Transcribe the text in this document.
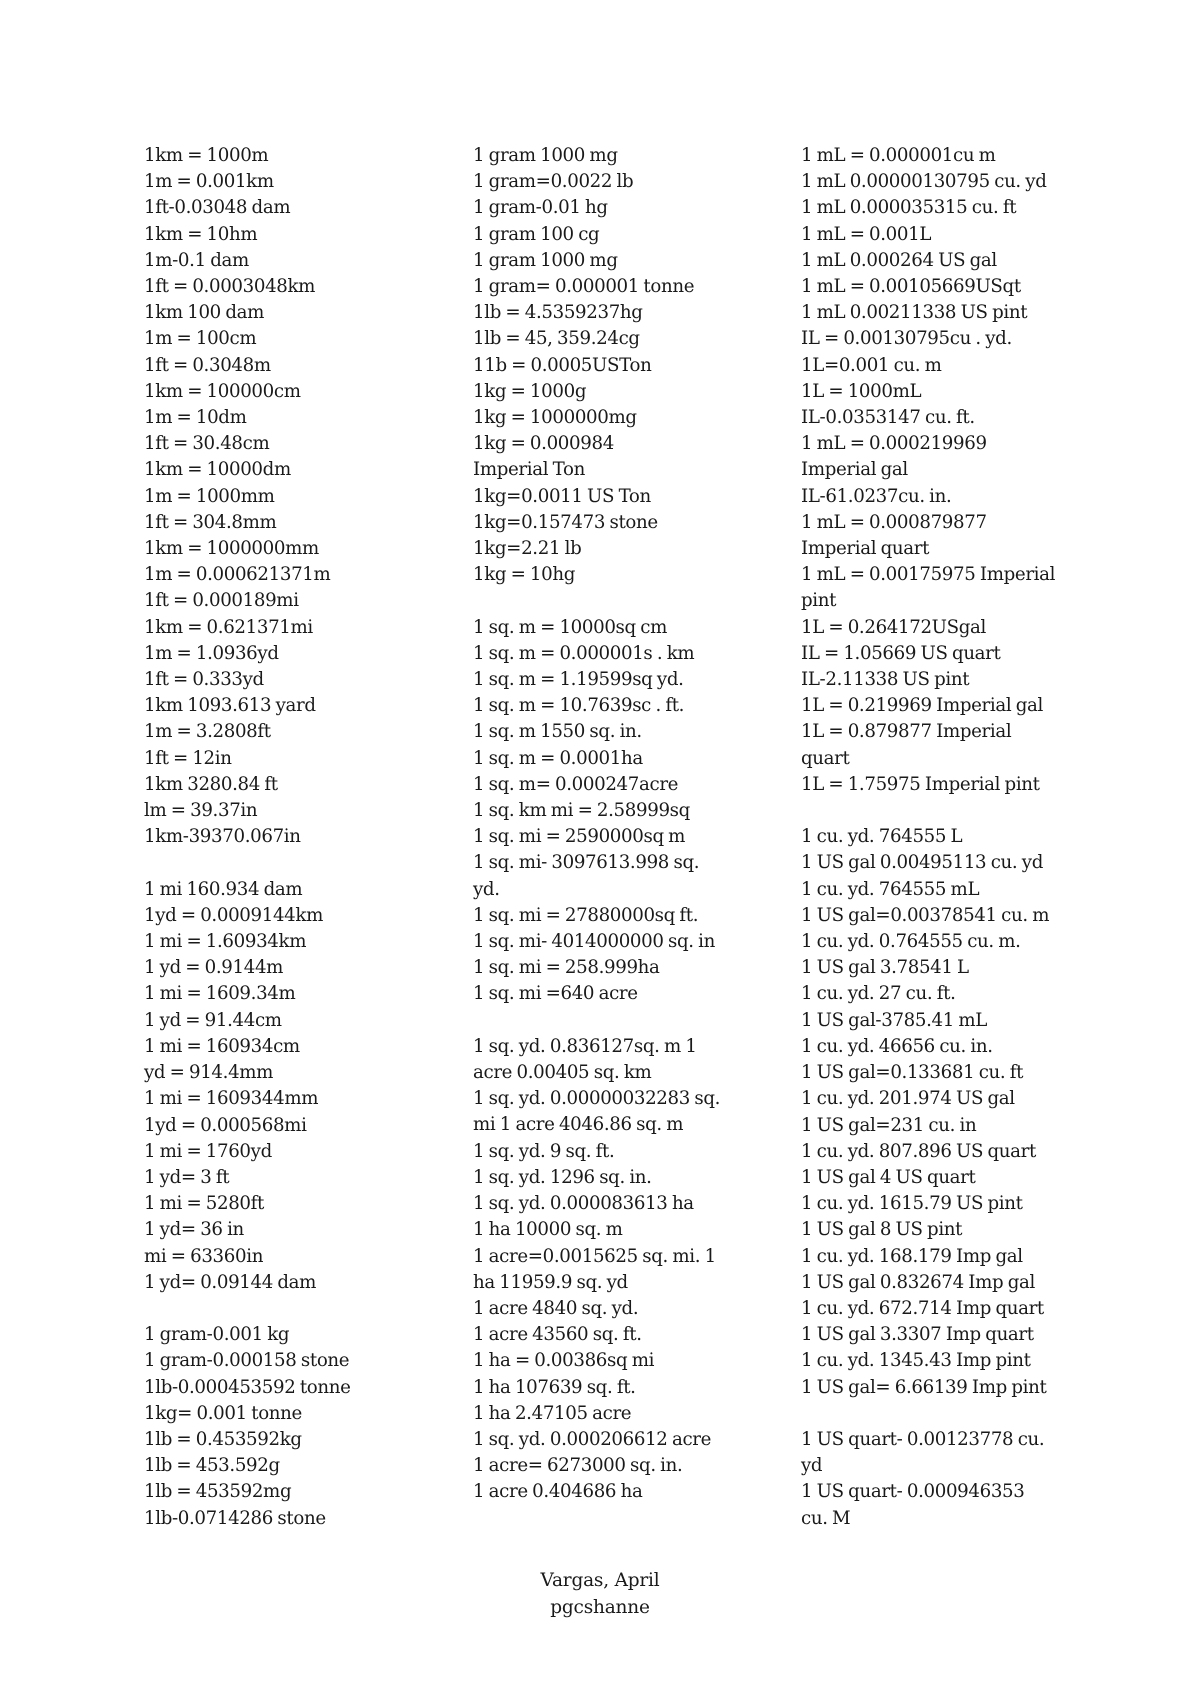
1km = 1000m
1m = 0.001km
1ft-0.03048 dam
1km = 10hm
1m-0.1 dam
1ft = 0.0003048km
1km 100 dam
1m = 100cm
1ft = 0.3048m
1km = 100000cm
1m = 10dm
1ft = 30.48cm
1km = 10000dm
1m = 1000mm
1ft = 304.8mm
1km = 1000000mm
1m = 0.000621371m
1ft = 0.000189mi
1km = 0.621371mi
1m = 1.0936yd
1ft = 0.333yd
1km 1093.613 yard
1m = 3.2808ft
1ft = 12in
1km 3280.84 ft
lm = 39.37in
1km-39370.067in
1 mi 160.934 dam
1yd = 0.0009144km
1 mi = 1.60934km
1 yd = 0.9144m
1 mi = 1609.34m
1 yd = 91.44cm
1 mi = 160934cm
yd = 914.4mm
1 mi = 1609344mm
1yd = 0.000568mi
1 mi = 1760yd
1 yd= 3 ft
1 mi = 5280ft
1 yd= 36 in
mi = 63360in
1 yd= 0.09144 dam
1 gram-0.001 kg
1 gram-0.000158 stone
1lb-0.000453592 tonne
1kg= 0.001 tonne
1lb = 0.453592kg
1lb = 453.592g
1lb = 453592mg
1lb-0.0714286 stone
1 gram 1000 mg
1 gram=0.0022 lb
1 gram-0.01 hg
1 gram 100 cg
1 gram 1000 mg
1 gram= 0.000001 tonne
1lb = 4.5359237hg
1lb = 45, 359.24cg
11b = 0.0005USTon
1kg = 1000g
1kg = 1000000mg
1kg = 0.000984
Imperial Ton
1kg=0.0011 US Ton
1kg=0.157473 stone
1kg=2.21 lb
1kg = 10hg
1 sq. m = 10000sq cm
1 sq. m = 0.000001s . km
1 sq. m = 1.19599sq yd.
1 sq. m = 10.7639sc . ft.
1 sq. m 1550 sq. in.
1 sq. m = 0.0001ha
1 sq. m= 0.000247acre
1 sq. km mi = 2.58999sq
1 sq. mi = 2590000sq m
1 sq. mi- 3097613.998 sq.
yd.
1 sq. mi = 27880000sq ft.
1 sq. mi- 4014000000 sq. in
1 sq. mi = 258.999ha
1 sq. mi =640 acre
1 sq. yd. 0.836127sq. m 1
acre 0.00405 sq. km
1 sq. yd. 0.00000032283 sq.
mi 1 acre 4046.86 sq. m
1 sq. yd. 9 sq. ft.
1 sq. yd. 1296 sq. in.
1 sq. yd. 0.000083613 ha
1 ha 10000 sq. m
1 acre=0.0015625 sq. mi. 1
ha 11959.9 sq. yd
1 acre 4840 sq. yd.
1 acre 43560 sq. ft.
1 ha = 0.00386sq mi
1 ha 107639 sq. ft.
1 ha 2.47105 acre
1 sq. yd. 0.000206612 acre
1 acre= 6273000 sq. in.
1 acre 0.404686 ha
1 mL = 0.000001cu m
1 mL 0.00000130795 cu. yd
1 mL 0.000035315 cu. ft
1 mL = 0.001L
1 mL 0.000264 US gal
1 mL = 0.00105669USqt
1 mL 0.00211338 US pint
IL = 0.00130795cu . yd.
1L=0.001 cu. m
1L = 1000mL
IL-0.0353147 cu. ft.
1 mL = 0.000219969
Imperial gal
IL-61.0237cu. in.
1 mL = 0.000879877
Imperial quart
1 mL = 0.00175975 Imperial
pint
1L = 0.264172USgal
IL = 1.05669 US quart
IL-2.11338 US pint
1L = 0.219969 Imperial gal
1L = 0.879877 Imperial
quart
1L = 1.75975 Imperial pint
1 cu. yd. 764555 L
1 US gal 0.00495113 cu. yd
1 cu. yd. 764555 mL
1 US gal=0.00378541 cu. m
1 cu. yd. 0.764555 cu. m.
1 US gal 3.78541 L
1 cu. yd. 27 cu. ft.
1 US gal-3785.41 mL
1 cu. yd. 46656 cu. in.
1 US gal=0.133681 cu. ft
1 cu. yd. 201.974 US gal
1 US gal=231 cu. in
1 cu. yd. 807.896 US quart
1 US gal 4 US quart
1 cu. yd. 1615.79 US pint
1 US gal 8 US pint
1 cu. yd. 168.179 Imp gal
1 US gal 0.832674 Imp gal
1 cu. yd. 672.714 Imp quart
1 US gal 3.3307 Imp quart
1 cu. yd. 1345.43 Imp pint
1 US gal= 6.66139 Imp pint
1 US quart- 0.00123778 cu.
yd
1 US quart- 0.000946353
cu. M
Vargas, April
pgcshanne
